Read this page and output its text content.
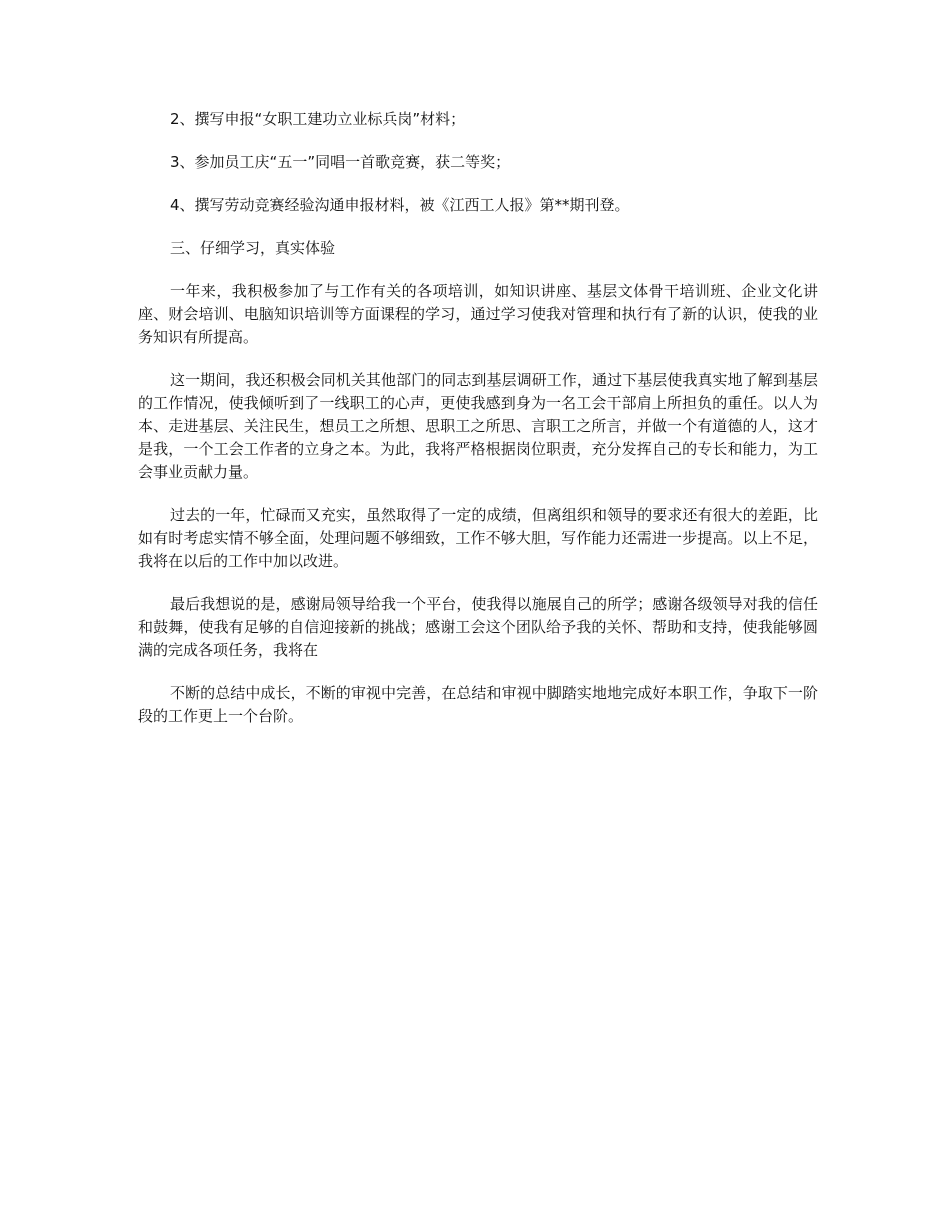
2、撰写申报“女职工建功立业标兵岗”材料；

3、参加员工庆“五一”同唱一首歌竞赛，获二等奖；

4、撰写劳动竞赛经验沟通申报材料，被《江西工人报》第**期刊登。

三、仔细学习，真实体验

一年来，我积极参加了与工作有关的各项培训，如知识讲座、基层文体骨干培训班、企业文化讲座、财会培训、电脑知识培训等方面课程的学习，通过学习使我对管理和执行有了新的认识，使我的业务知识有所提高。

这一期间，我还积极会同机关其他部门的同志到基层调研工作，通过下基层使我真实地了解到基层的工作情况，使我倾听到了一线职工的心声，更使我感到身为一名工会干部肩上所担负的重任。以人为本、走进基层、关注民生，想员工之所想、思职工之所思、言职工之所言，并做一个有道德的人，这才是我，一个工会工作者的立身之本。为此，我将严格根据岗位职责，充分发挥自己的专长和能力，为工会事业贡献力量。

过去的一年，忙碌而又充实，虽然取得了一定的成绩，但离组织和领导的要求还有很大的差距，比如有时考虑实情不够全面，处理问题不够细致，工作不够大胆，写作能力还需进一步提高。以上不足，我将在以后的工作中加以改进。

最后我想说的是，感谢局领导给我一个平台，使我得以施展自己的所学；感谢各级领导对我的信任和鼓舞，使我有足够的自信迎接新的挑战；感谢工会这个团队给予我的关怀、帮助和支持，使我能够圆满的完成各项任务，我将在

不断的总结中成长，不断的审视中完善，在总结和审视中脚踏实地地完成好本职工作，争取下一阶段的工作更上一个台阶。
